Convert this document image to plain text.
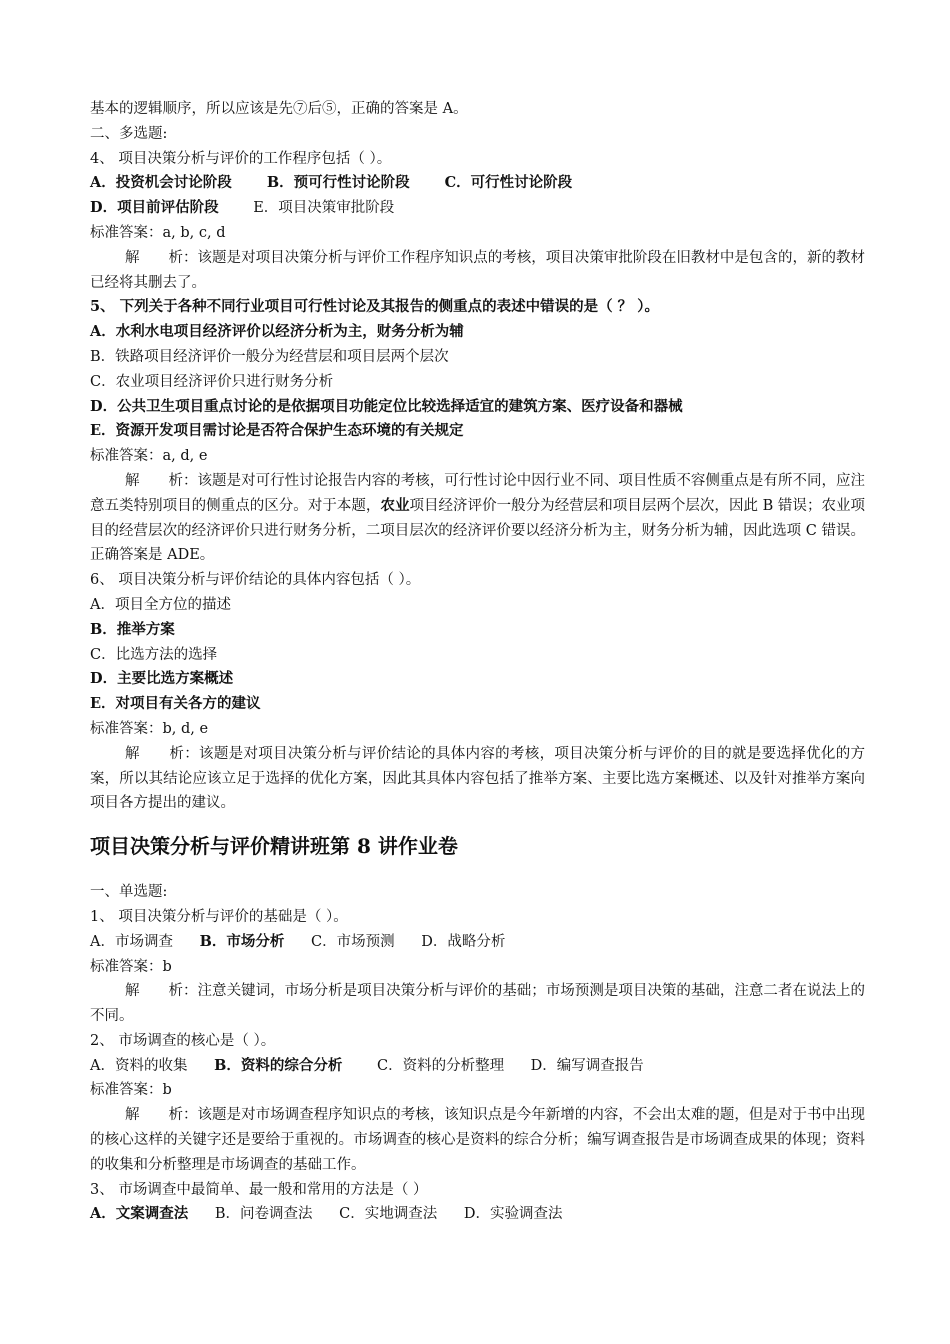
基本的逻辑顺序，所以应该是先⑦后⑤，正确的答案是 A。
二、多选题:
4、 项目决策分析与评价的工作程序包括（ ）。
A．投资机会讨论阶段 B．预可行性讨论阶段 C．可行性讨论阶段
D．项目前评估阶段 E．项目决策审批阶段
标准答案：a, b, c, d
解　　析：该题是对项目决策分析与评价工作程序知识点的考核，项目决策审批阶段在旧教材中是包含的，新的教材已经将其删去了。
5、 下列关于各种不同行业项目可行性讨论及其报告的侧重点的表述中错误的是（ ？ ）。
A．水利水电项目经济评价以经济分析为主，财务分析为辅
B．铁路项目经济评价一般分为经营层和项目层两个层次
C．农业项目经济评价只进行财务分析
D．公共卫生项目重点讨论的是依据项目功能定位比较选择适宜的建筑方案、医疗设备和器械
E．资源开发项目需讨论是否符合保护生态环境的有关规定
标准答案：a, d, e
解　　析：该题是对可行性讨论报告内容的考核，可行性讨论中因行业不同、项目性质不容侧重点是有所不同，应注意五类特别项目的侧重点的区分。对于本题，农业项目经济评价一般分为经营层和项目层两个层次，因此 B 错误；农业项目的经营层次的经济评价只进行财务分析，二项目层次的经济评价要以经济分析为主，财务分析为辅，因此选项 C 错误。正确答案是 ADE。
6、 项目决策分析与评价结论的具体内容包括（ ）。
A．项目全方位的描述
B．推举方案
C．比选方法的选择
D．主要比选方案概述
E．对项目有关各方的建议
标准答案：b, d, e
解　　析：该题是对项目决策分析与评价结论的具体内容的考核，项目决策分析与评价的目的就是要选择优化的方案，所以其结论应该立足于选择的优化方案，因此其具体内容包括了推举方案、主要比选方案概述、以及针对推举方案向项目各方提出的建议。
项目决策分析与评价精讲班第 8 讲作业卷
一、单选题:
1、 项目决策分析与评价的基础是（ ）。
A．市场调查 B．市场分析 C．市场预测 D．战略分析
标准答案：b
解　　析：注意关键词，市场分析是项目决策分析与评价的基础；市场预测是项目决策的基础，注意二者在说法上的不同。
2、 市场调查的核心是（ ）。
A．资料的收集 B．资料的综合分析 C．资料的分析整理 D．编写调查报告
标准答案：b
解　　析：该题是对市场调查程序知识点的考核，该知识点是今年新增的内容，不会出太难的题，但是对于书中出现的核心这样的关键字还是要给于重视的。市场调查的核心是资料的综合分析；编写调查报告是市场调查成果的体现；资料的收集和分析整理是市场调查的基础工作。
3、 市场调查中最简单、最一般和常用的方法是（ ）
A．文案调查法 B．问卷调查法 C．实地调查法 D．实验调查法
